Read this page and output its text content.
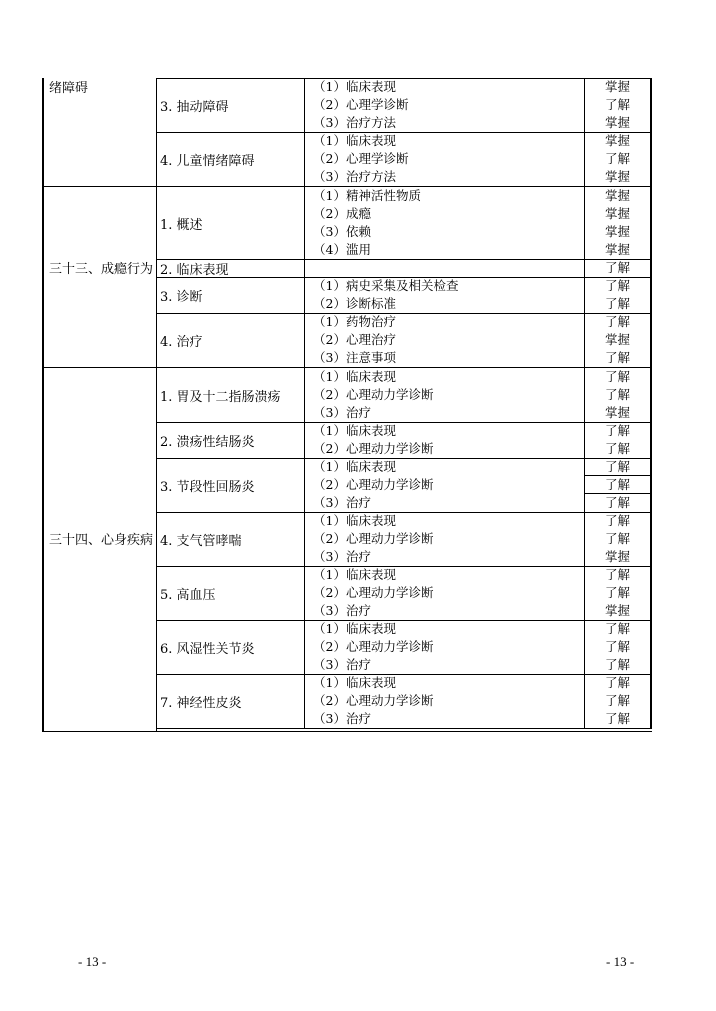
绪障碍
3. 抽动障碍
（1）临床表现
（2）心理学诊断
（3）治疗方法
掌握
了解
掌握
4. 儿童情绪障碍
（1）临床表现
（2）心理学诊断
（3）治疗方法
掌握
了解
掌握
三十三、成瘾行为
1. 概述
（1）精神活性物质
（2）成瘾
（3）依赖
（4）滥用
掌握
掌握
掌握
掌握
2. 临床表现	了解
3. 诊断
（1）病史采集及相关检查
（2）诊断标准
了解
了解
4. 治疗
（1）药物治疗
（2）心理治疗
（3）注意事项
了解
掌握
了解
三十四、心身疾病
1. 胃及十二指肠溃疡
（1）临床表现
（2）心理动力学诊断
（3）治疗
了解
了解
掌握
2. 溃疡性结肠炎
（1）临床表现
（2）心理动力学诊断
了解
了解
3. 节段性回肠炎
（1）临床表现
（2）心理动力学诊断
（3）治疗
了解
了解
了解
4. 支气管哮喘
（1）临床表现
（2）心理动力学诊断
（3）治疗
了解
了解
掌握
5. 高血压
（1）临床表现
（2）心理动力学诊断
（3）治疗
了解
了解
掌握
6. 风湿性关节炎
（1）临床表现
（2）心理动力学诊断
（3）治疗
了解
了解
了解
7. 神经性皮炎
（1）临床表现
（2）心理动力学诊断
（3）治疗
了解
了解
了解
- 13 -	- 13 -
